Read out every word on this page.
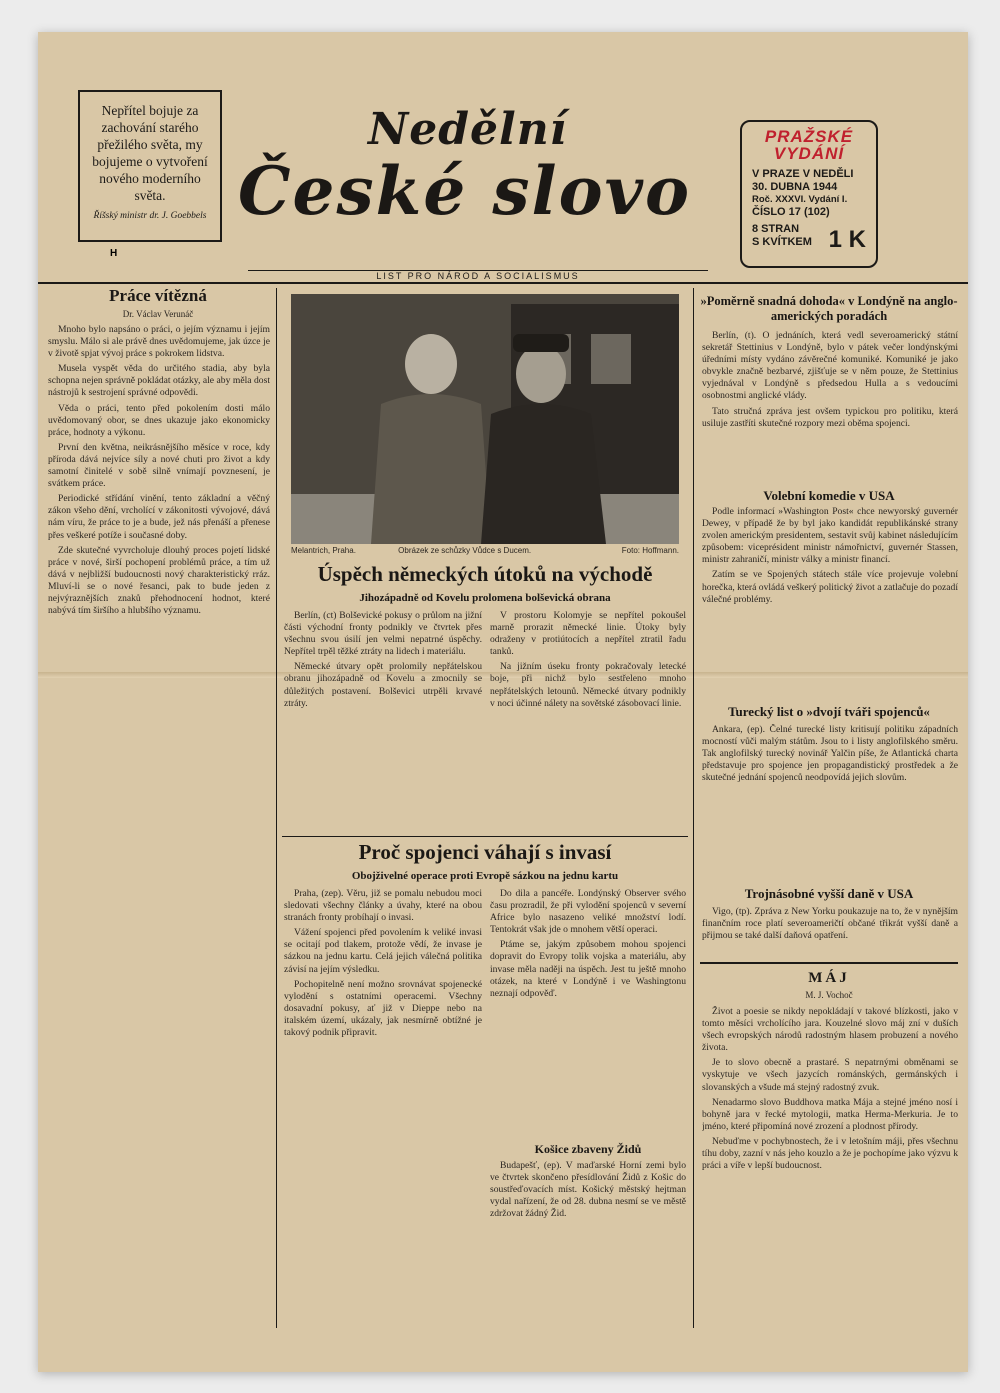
Nepřítel bojuje za zachování starého přežilého světa, my bojujeme o vytvoření nového moderního světa.
Říšský ministr dr. J. Goebbels
H
Nedělní
České slovo
LIST PRO NÁROD A SOCIALISMUS
PRAŽSKÉ
VYDÁNÍ
V PRAZE V NEDĚLI
30. DUBNA 1944
Roč. XXXVI. Vydání I.
ČÍSLO 17 (102)
8 STRAN
S KVÍTKEM 1 K
Práce vítězná
Dr. Václav Verunáč

Mnoho bylo napsáno o práci, o jejím významu i jejím smyslu. Málo si ale právě dnes uvědomujeme, jak úzce je v životě spjat vývoj práce s pokrokem lidstva.

Musela vyspět věda do určitého stadia, aby byla schopna nejen správně pokládat otázky, ale aby měla dost nástrojů k sestrojení správné odpovědi.

Věda o práci, tento před pokolením dosti málo uvědomovaný obor, se dnes ukazuje jako ekonomicky práce, hodnoty a výkonu.

První den května, neikrásnějšího měsíce v roce, kdy příroda dává nejvíce síly a nové chuti pro život a kdy samotní činitelé v sobě silně vnímají povznesení, je svátkem práce.

Periodické střídání vinění, tento základní a věčný zákon všeho dění, vrcholící v zákonitosti vývojové, dává nám víru, že práce to je a bude, jež nás přenáší a přenese přes veškeré potíže i současné doby.

Zde skutečné vyvrcholuje dlouhý proces pojetí lidské práce v nové, širší pochopení problémů práce, a tím už dává v nejbližší budoucnosti nový charakteristický rráz. Mluví-li se o nové řesanci, pak to bude jeden z nejvýraznějších znaků přehodnocení hodnot, které nabývá tím širšího a hlubšího významu.

Melantrich, Praha.	Obrázek ze schůzky Vůdce s Ducem.	Foto: Hoffmann.
Úspěch německých útoků na východě
Jihozápadně od Kovelu prolomena bolševická obrana

Berlín, (ct) Bolševické pokusy o průlom na jižní části východní fronty podnikly ve čtvrtek přes všechnu svou úsilí jen velmi nepatrné úspěchy. Nepřítel trpěl těžké ztráty na lidech i materiálu.

Německé útvary opět prolomily nepřátelskou obranu jihozápadně od Kovelu a zmocnily se důležitých postavení. Bolševici utrpěli krvavé ztráty.

V prostoru Kolomyje se nepřítel pokoušel marně prorazit německé linie. Útoky byly odraženy v protiútocích a nepřítel ztratil řadu tanků.

Na jižním úseku fronty pokračovaly letecké boje, při nichž bylo sestřeleno mnoho nepřátelských letounů. Německé útvary podnikly v noci účinné nálety na sovětské zásobovací linie.

Proč spojenci váhají s invasí
Obojživelné operace proti Evropě sázkou na jednu kartu

Praha, (zep). Věru, již se pomalu nebudou moci sledovati všechny články a úvahy, které na obou stranách fronty probíhají o invasi.

Vážení spojenci před povolením k veliké invasi se ocitají pod tlakem, protože vědí, že invase je sázkou na jednu kartu. Celá jejich válečná politika závisí na jejím výsledku.

Pochopitelně není možno srovnávat spojenecké vylodění s ostatními operacemi. Všechny dosavadní pokusy, ať již v Dieppe nebo na italském území, ukázaly, jak nesmírně obtížné je takový podnik připravit.

Do dila a pancéře. Londýnský Observer svého času prozradil, že při vylodění spojenců v severní Africe bylo nasazeno veliké množství lodí. Tentokrát však jde o mnohem větší operaci.

Ptáme se, jakým způsobem mohou spojenci dopravit do Evropy tolik vojska a materiálu, aby invase měla naději na úspěch. Jest tu ještě mnoho otázek, na které v Londýně i ve Washingtonu neznají odpověď.

Košice zbaveny Židů

Budapešť, (ep). V maďarské Horní zemi bylo ve čtvrtek skončeno přesídlování Židů z Košic do soustřeďovacích míst. Košický městský hejtman vydal nařízení, že od 28. dubna nesmí se ve městě zdržovat žádný Žid.

»Poměrně snadná dohoda« v Londýně na anglo-amerických poradách

Berlín, (t). O jednáních, která vedl severoamerický státní sekretář Stettinius v Londýně, bylo v pátek večer londýnskými úředními místy vydáno závěrečné komuniké. Komuniké je jako obvykle značně bezbarvé, zjišťuje se v něm pouze, že Stettinius vyjednával v Londýně s předsedou Hulla a s vedoucími osobnostmi anglické vlády.

Tato stručná zpráva jest ovšem typickou pro politiku, která usiluje zastříti skutečné rozpory mezi oběma spojenci.

Volební komedie v USA

Podle informací »Washington Post« chce newyorský guvernér Dewey, v případě že by byl jako kandidát republikánské strany zvolen americkým presidentem, sestavit svůj kabinet následujícím způsobem: viceprésident ministr námořnictví, guvernér Stassen, ministr zahraničí, ministr války a ministr financí.

Zatím se ve Spojených státech stále více projevuje volební horečka, která ovládá veškerý politický život a zatlačuje do pozadí válečné problémy.

Turecký list o »dvojí tváři spojenců«

Ankara, (ep). Čelné turecké listy kritisují politiku západních mocností vůči malým státům. Jsou to i listy anglofilského směru. Tak anglofilský turecký novinář Yalčin píše, že Atlantická charta představuje pro spojence jen propagandistický prostředek a že skutečné jednání spojenců neodpovídá jejich slovům.

Trojnásobné vyšší daně v USA

Vigo, (tp). Zpráva z New Yorku poukazuje na to, že v nynějším finančním roce platí severoameričtí občané třikrát vyšší daně a přijmou se také další daňová opatření.

MÁJ
M. J. Vochoč

Život a poesie se nikdy nepokládají v takové blízkosti, jako v tomto měsíci vrcholícího jara. Kouzelné slovo máj zní v duších všech evropských národů radostným hlasem probuzení a nového života.

Je to slovo obecně a prastaré. S nepatrnými obměnami se vyskytuje ve všech jazycích románských, germánských i slovanských a všude má stejný radostný zvuk.

Nenadarmo slovo Buddhova matka Mája a stejné jméno nosí i bohyně jara v řecké mytologii, matka Herma-Merkuria. Je to jméno, které připomíná nové zrození a plodnost přírody.

Nebuďme v pochybnostech, že i v letošním máji, přes všechnu tíhu doby, zazní v nás jeho kouzlo a že je pochopíme jako výzvu k práci a víře v lepší budoucnost.
